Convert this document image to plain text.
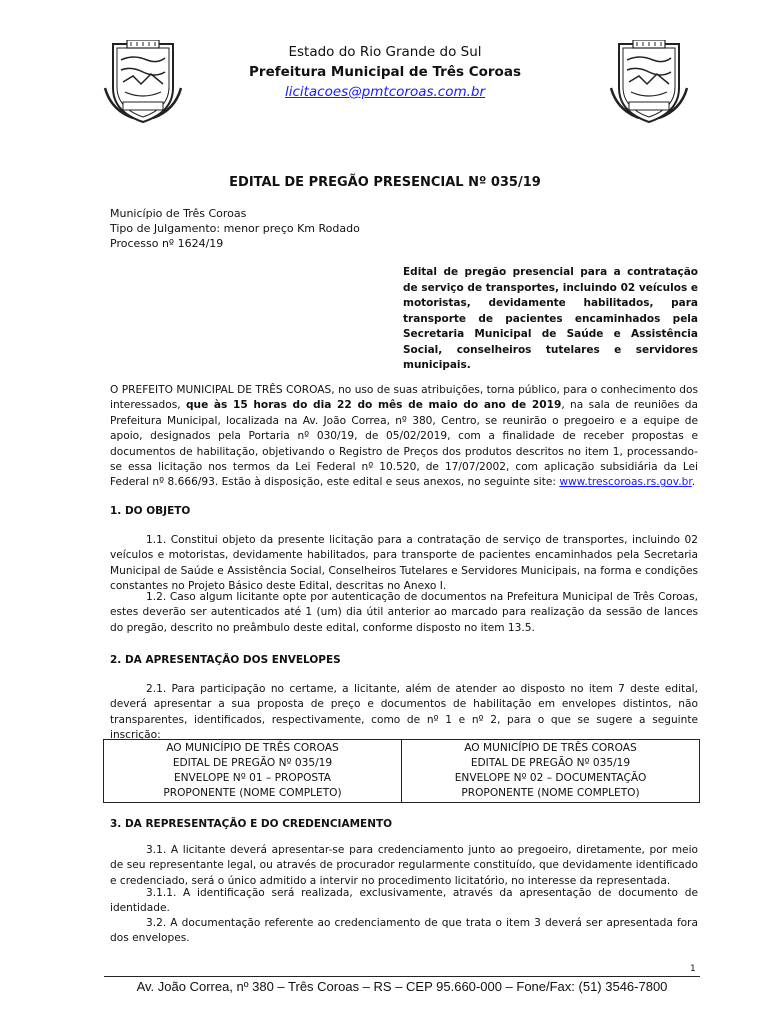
Estado do Rio Grande do Sul
Prefeitura Municipal de Três Coroas
licitacoes@pmtcoroas.com.br
EDITAL DE PREGÃO PRESENCIAL Nº 035/19
Município de Três Coroas
Tipo de Julgamento: menor preço Km Rodado
Processo nº 1624/19
Edital de pregão presencial para a contratação de serviço de transportes, incluindo 02 veículos e motoristas, devidamente habilitados, para transporte de pacientes encaminhados pela Secretaria Municipal de Saúde e Assistência Social, conselheiros tutelares e servidores municipais.
O PREFEITO MUNICIPAL DE TRÊS COROAS, no uso de suas atribuições, torna público, para o conhecimento dos interessados, que às 15 horas do dia 22 do mês de maio do ano de 2019, na sala de reuniões da Prefeitura Municipal, localizada na Av. João Correa, nº 380, Centro, se reunirão o pregoeiro e a equipe de apoio, designados pela Portaria nº 030/19, de 05/02/2019, com a finalidade de receber propostas e documentos de habilitação, objetivando o Registro de Preços dos produtos descritos no item 1, processando-se essa licitação nos termos da Lei Federal nº 10.520, de 17/07/2002, com aplicação subsidiária da Lei Federal nº 8.666/93. Estão à disposição, este edital e seus anexos, no seguinte site: www.trescoroas.rs.gov.br.
1. DO OBJETO
1.1. Constitui objeto da presente licitação para a contratação de serviço de transportes, incluindo 02 veículos e motoristas, devidamente habilitados, para transporte de pacientes encaminhados pela Secretaria Municipal de Saúde e Assistência Social, Conselheiros Tutelares e Servidores Municipais, na forma e condições constantes no Projeto Básico deste Edital, descritas no Anexo I.
1.2. Caso algum licitante opte por autenticação de documentos na Prefeitura Municipal de Três Coroas, estes deverão ser autenticados até 1 (um) dia útil anterior ao marcado para realização da sessão de lances do pregão, descrito no preâmbulo deste edital, conforme disposto no item 13.5.
2. DA APRESENTAÇÃO DOS ENVELOPES
2.1. Para participação no certame, a licitante, além de atender ao disposto no item 7 deste edital, deverá apresentar a sua proposta de preço e documentos de habilitação em envelopes distintos, não transparentes, identificados, respectivamente, como de nº 1 e nº 2, para o que se sugere a seguinte inscrição:
AO MUNICÍPIO DE TRÊS COROAS
EDITAL DE PREGÃO Nº 035/19
ENVELOPE Nº 01 – PROPOSTA
PROPONENTE (NOME COMPLETO)
AO MUNICÍPIO DE TRÊS COROAS
EDITAL DE PREGÃO Nº 035/19
ENVELOPE Nº 02 – DOCUMENTAÇÃO
PROPONENTE (NOME COMPLETO)
3. DA REPRESENTAÇÃO E DO CREDENCIAMENTO
3.1. A licitante deverá apresentar-se para credenciamento junto ao pregoeiro, diretamente, por meio de seu representante legal, ou através de procurador regularmente constituído, que devidamente identificado e credenciado, será o único admitido a intervir no procedimento licitatório, no interesse da representada.
3.1.1. A identificação será realizada, exclusivamente, através da apresentação de documento de identidade.
3.2. A documentação referente ao credenciamento de que trata o item 3 deverá ser apresentada fora dos envelopes.
1
Av. João Correa, nº 380 – Três Coroas – RS – CEP 95.660-000 – Fone/Fax: (51) 3546-7800
